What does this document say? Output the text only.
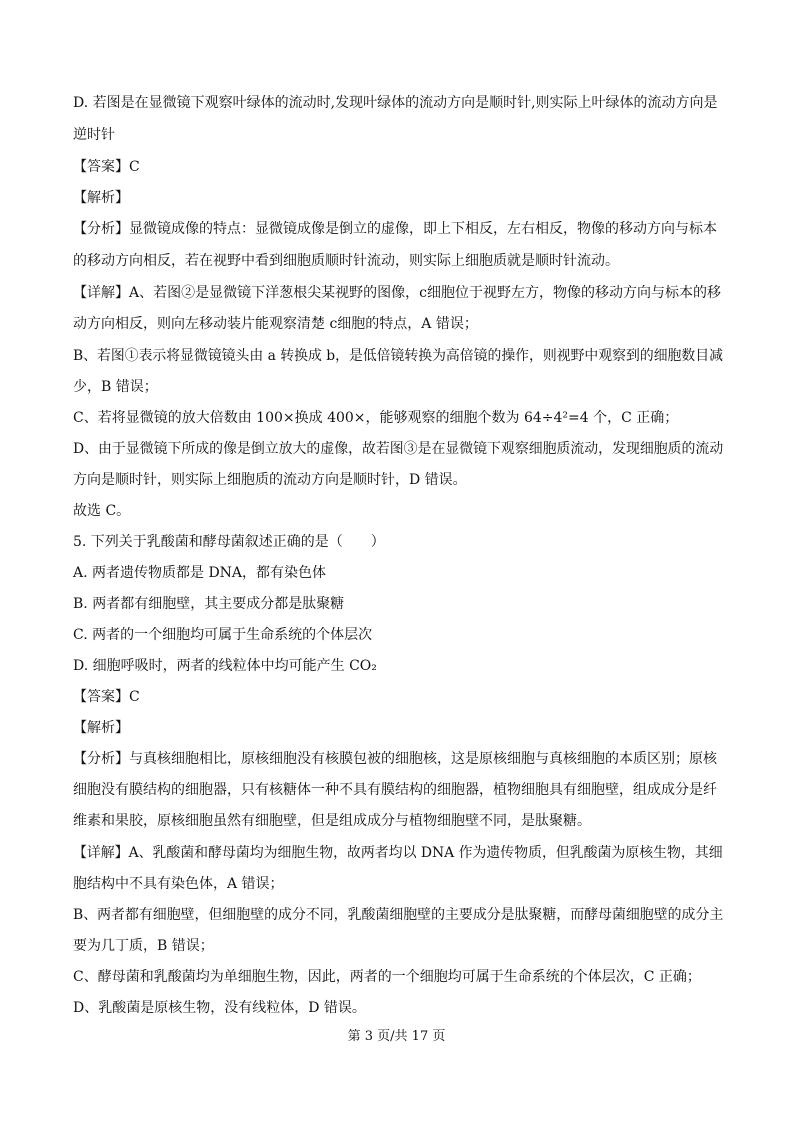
D. 若图是在显微镜下观察叶绿体的流动时,发现叶绿体的流动方向是顺时针,则实际上叶绿体的流动方向是
逆时针
【答案】C
【解析】
【分析】显微镜成像的特点：显微镜成像是倒立的虚像，即上下相反，左右相反，物像的移动方向与标本
的移动方向相反，若在视野中看到细胞质顺时针流动，则实际上细胞质就是顺时针流动。
【详解】A、若图②是显微镜下洋葱根尖某视野的图像，c细胞位于视野左方，物像的移动方向与标本的移
动方向相反，则向左移动装片能观察清楚 c细胞的特点，A 错误；
B、若图①表示将显微镜镜头由 a 转换成 b，是低倍镜转换为高倍镜的操作，则视野中观察到的细胞数目减
少，B 错误；
C、若将显微镜的放大倍数由 100×换成 400×，能够观察的细胞个数为 64÷4²=4 个，C 正确；
D、由于显微镜下所成的像是倒立放大的虚像，故若图③是在显微镜下观察细胞质流动，发现细胞质的流动
方向是顺时针，则实际上细胞质的流动方向是顺时针，D 错误。
故选 C。
5. 下列关于乳酸菌和酵母菌叙述正确的是（　　）
A. 两者遗传物质都是 DNA，都有染色体
B. 两者都有细胞壁，其主要成分都是肽聚糖
C. 两者的一个细胞均可属于生命系统的个体层次
D. 细胞呼吸时，两者的线粒体中均可能产生 CO₂
【答案】C
【解析】
【分析】与真核细胞相比，原核细胞没有核膜包被的细胞核，这是原核细胞与真核细胞的本质区别；原核
细胞没有膜结构的细胞器，只有核糖体一种不具有膜结构的细胞器，植物细胞具有细胞壁，组成成分是纤
维素和果胶，原核细胞虽然有细胞壁，但是组成成分与植物细胞壁不同，是肽聚糖。
【详解】A、乳酸菌和酵母菌均为细胞生物，故两者均以 DNA 作为遗传物质，但乳酸菌为原核生物，其细
胞结构中不具有染色体，A 错误；
B、两者都有细胞壁，但细胞壁的成分不同，乳酸菌细胞壁的主要成分是肽聚糖，而酵母菌细胞壁的成分主
要为几丁质，B 错误；
C、酵母菌和乳酸菌均为单细胞生物，因此，两者的一个细胞均可属于生命系统的个体层次，C 正确；
D、乳酸菌是原核生物，没有线粒体，D 错误。
第 3 页/共 17 页
